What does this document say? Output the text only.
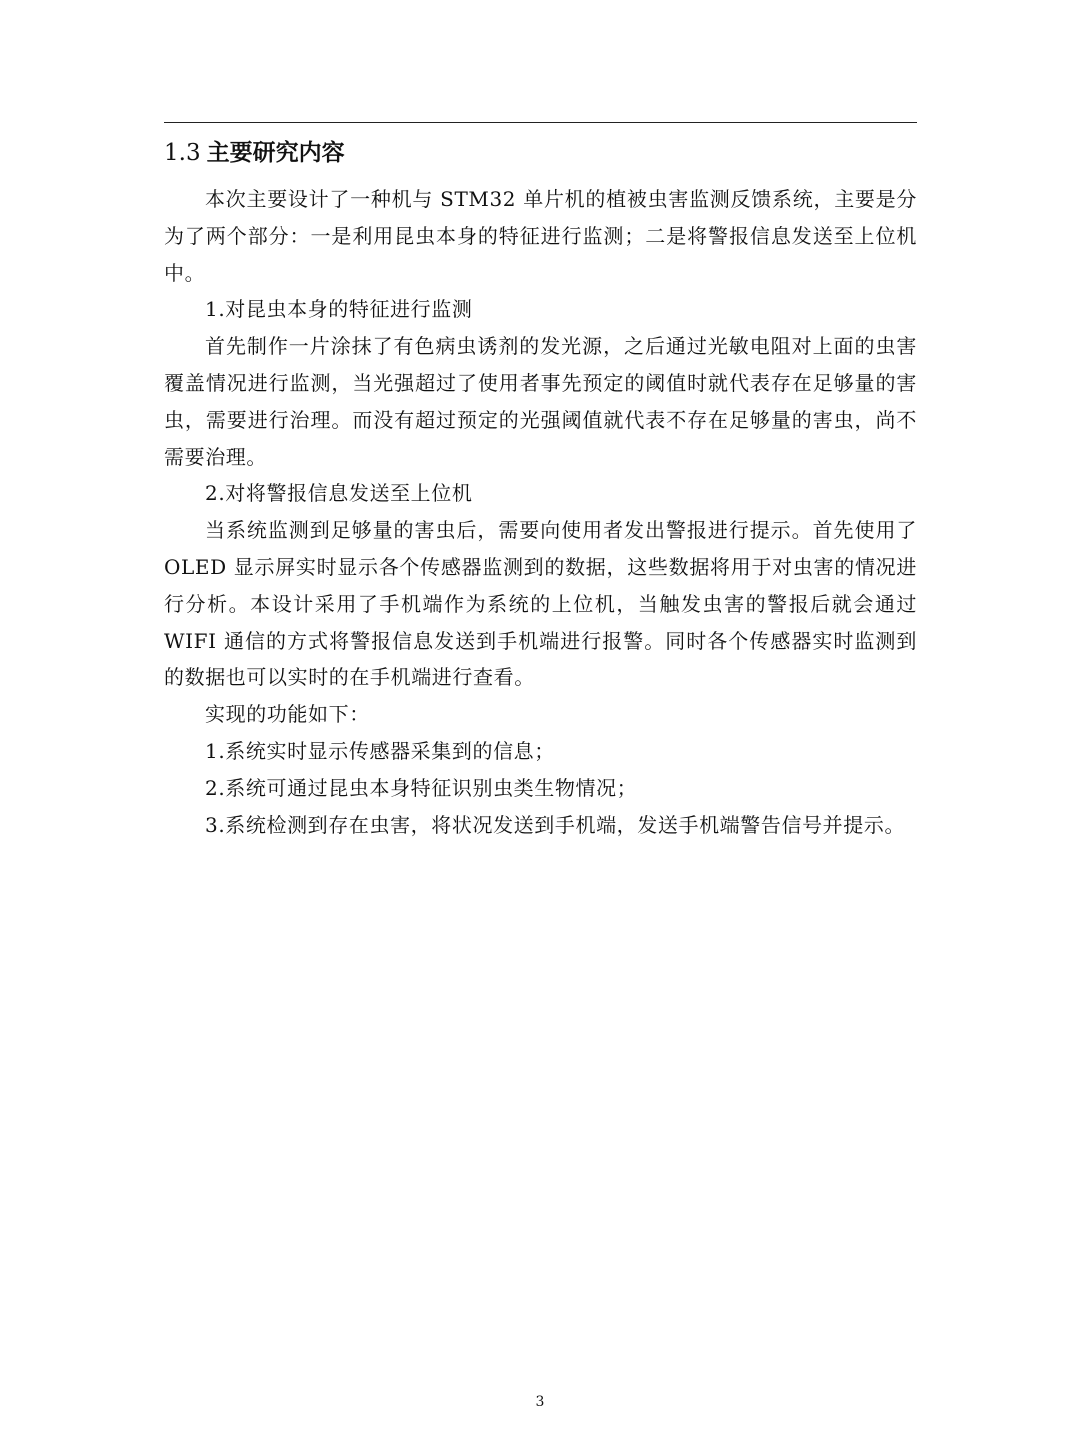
1.3 主要研究内容

本次主要设计了一种机与 STM32 单片机的植被虫害监测反馈系统，主要是分为了两个部分：一是利用昆虫本身的特征进行监测；二是将警报信息发送至上位机中。

1.对昆虫本身的特征进行监测

首先制作一片涂抹了有色病虫诱剂的发光源，之后通过光敏电阻对上面的虫害覆盖情况进行监测，当光强超过了使用者事先预定的阈值时就代表存在足够量的害虫，需要进行治理。而没有超过预定的光强阈值就代表不存在足够量的害虫，尚不需要治理。

2.对将警报信息发送至上位机

当系统监测到足够量的害虫后，需要向使用者发出警报进行提示。首先使用了 OLED 显示屏实时显示各个传感器监测到的数据，这些数据将用于对虫害的情况进行分析。本设计采用了手机端作为系统的上位机，当触发虫害的警报后就会通过 WIFI 通信的方式将警报信息发送到手机端进行报警。同时各个传感器实时监测到的数据也可以实时的在手机端进行查看。

实现的功能如下：

1.系统实时显示传感器采集到的信息；

2.系统可通过昆虫本身特征识别虫类生物情况；

3.系统检测到存在虫害，将状况发送到手机端，发送手机端警告信号并提示。

3
